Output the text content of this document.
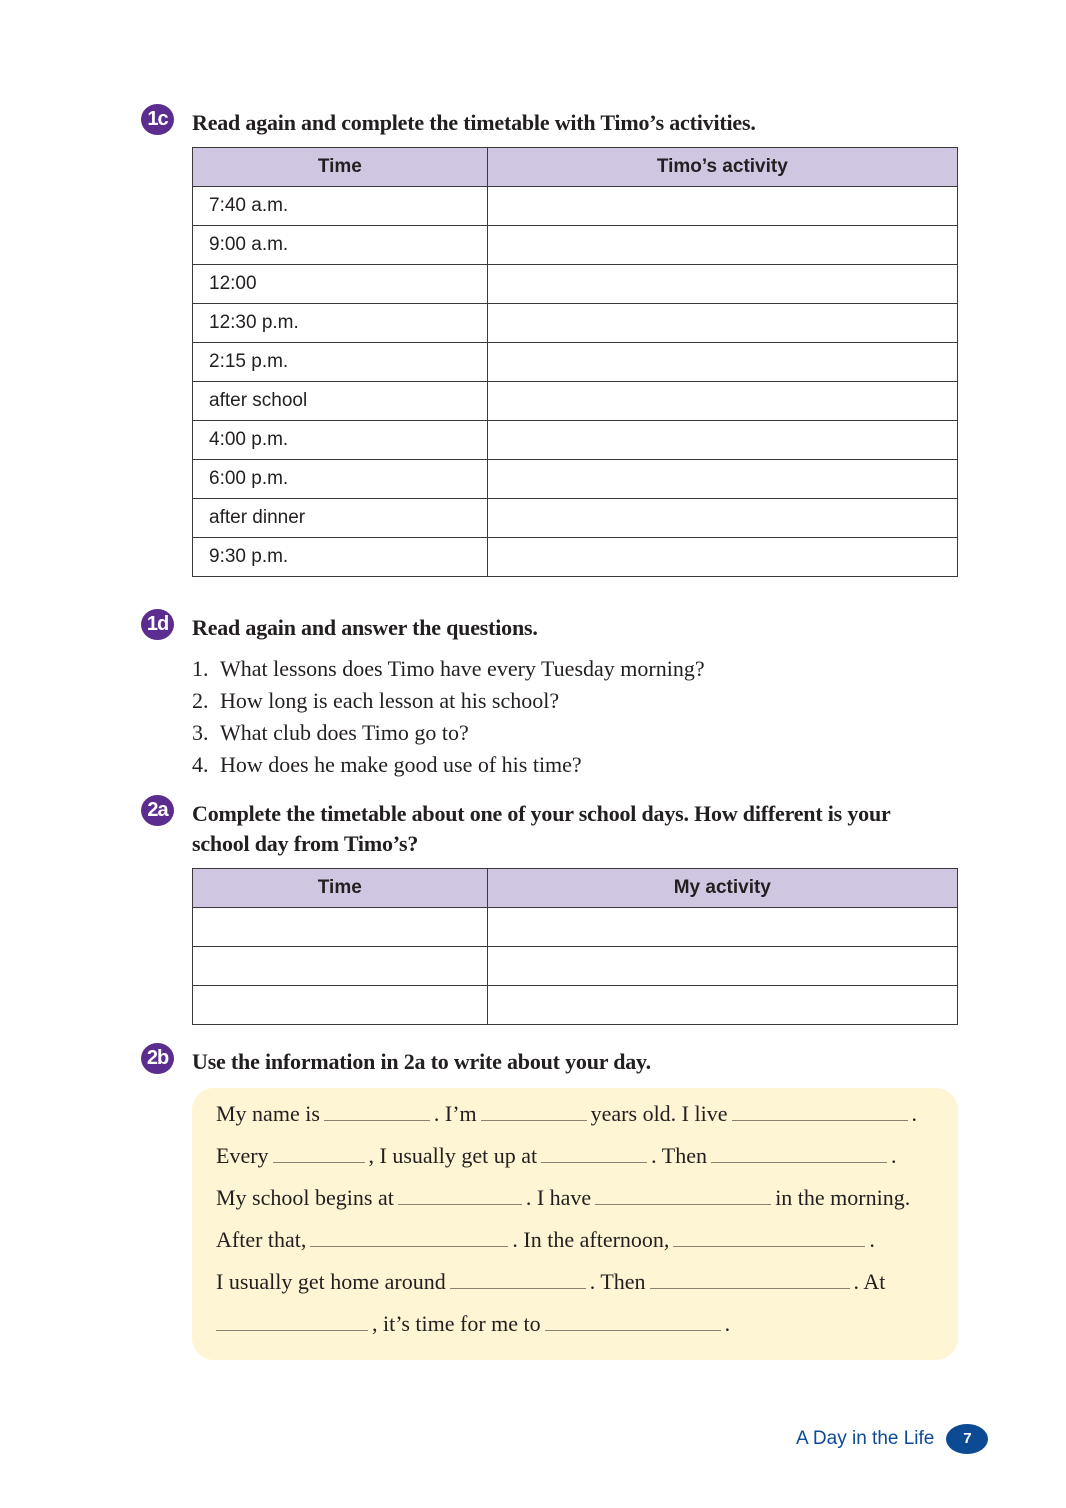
1c Read again and complete the timetable with Timo’s activities.
Time	Timo’s activity
7:40 a.m.	
9:00 a.m.	
12:00	
12:30 p.m.	
2:15 p.m.	
after school	
4:00 p.m.	
6:00 p.m.	
after dinner	
9:30 p.m.	
1d Read again and answer the questions.
1. What lessons does Timo have every Tuesday morning?
2. How long is each lesson at his school?
3. What club does Timo go to?
4. How does he make good use of his time?
2a Complete the timetable about one of your school days. How different is your
school day from Timo’s?
Time	My activity

2b Use the information in 2a to write about your day.
My name is	. I’m	years old. I live	.
Every	, I usually get up at	. Then	.
My school begins at	. I have	in the morning.
After that,	. In the afternoon,	.
I usually get home around	. Then	. At
, it’s time for me to	.
A Day in the Life	7
